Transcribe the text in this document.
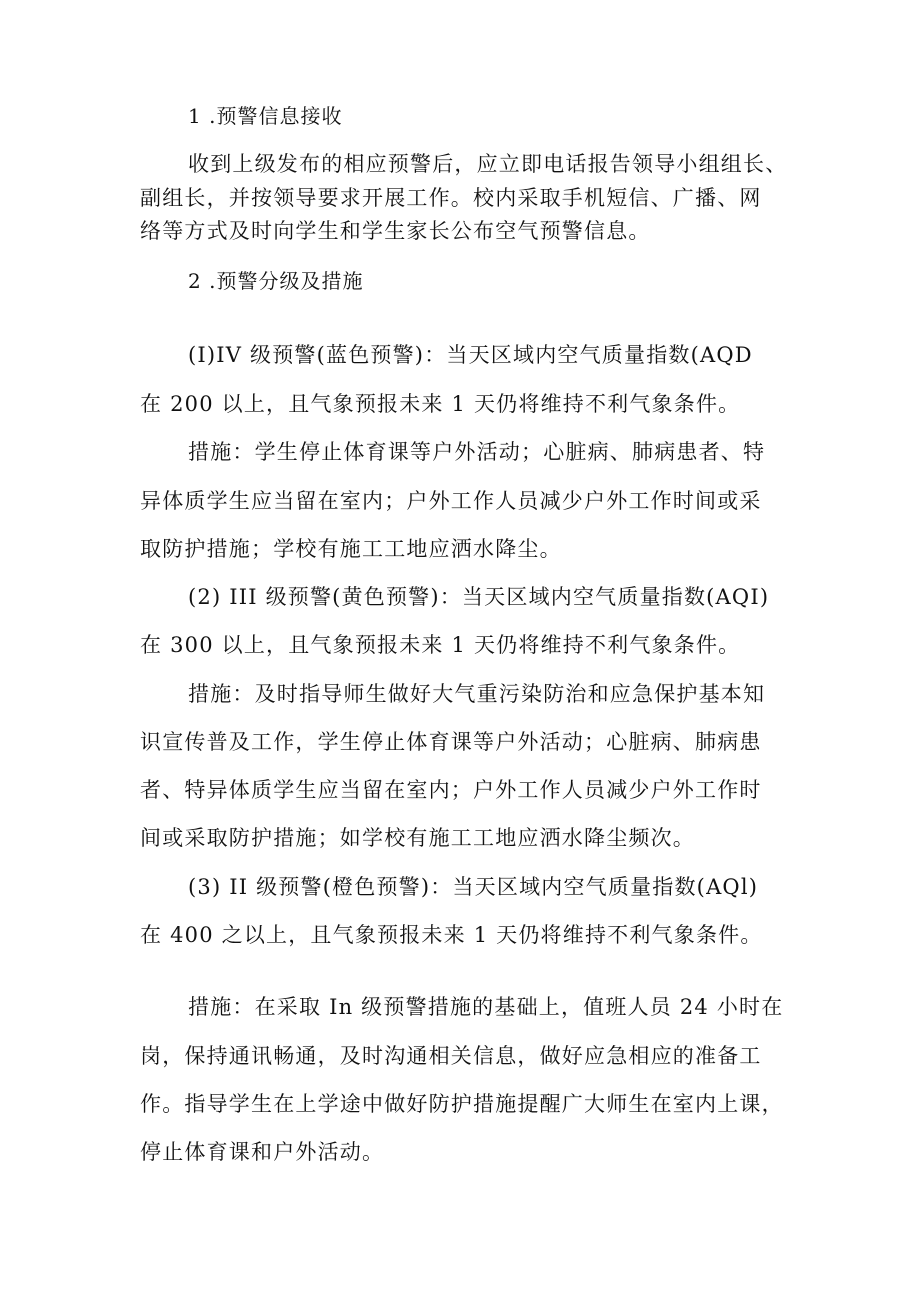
1 .预警信息接收
收到上级发布的相应预警后，应立即电话报告领导小组组长、
副组长，并按领导要求开展工作。校内采取手机短信、广播、网
络等方式及时向学生和学生家长公布空气预警信息。
2 .预警分级及措施
(I)IV 级预警(蓝色预警)：当天区域内空气质量指数(AQD
在 200 以上，且气象预报未来 1 天仍将维持不利气象条件。
措施：学生停止体育课等户外活动；心脏病、肺病患者、特
异体质学生应当留在室内；户外工作人员减少户外工作时间或采
取防护措施；学校有施工工地应洒水降尘。
(2) III 级预警(黄色预警)：当天区域内空气质量指数(AQI)
在 300 以上，且气象预报未来 1 天仍将维持不利气象条件。
措施：及时指导师生做好大气重污染防治和应急保护基本知
识宣传普及工作，学生停止体育课等户外活动；心脏病、肺病患
者、特异体质学生应当留在室内；户外工作人员减少户外工作时
间或采取防护措施；如学校有施工工地应洒水降尘频次。
(3) II 级预警(橙色预警)：当天区域内空气质量指数(AQl)
在 400 之以上，且气象预报未来 1 天仍将维持不利气象条件。
措施：在采取 In 级预警措施的基础上，值班人员 24 小时在
岗，保持通讯畅通，及时沟通相关信息，做好应急相应的准备工
作。指导学生在上学途中做好防护措施提醒广大师生在室内上课，
停止体育课和户外活动。
